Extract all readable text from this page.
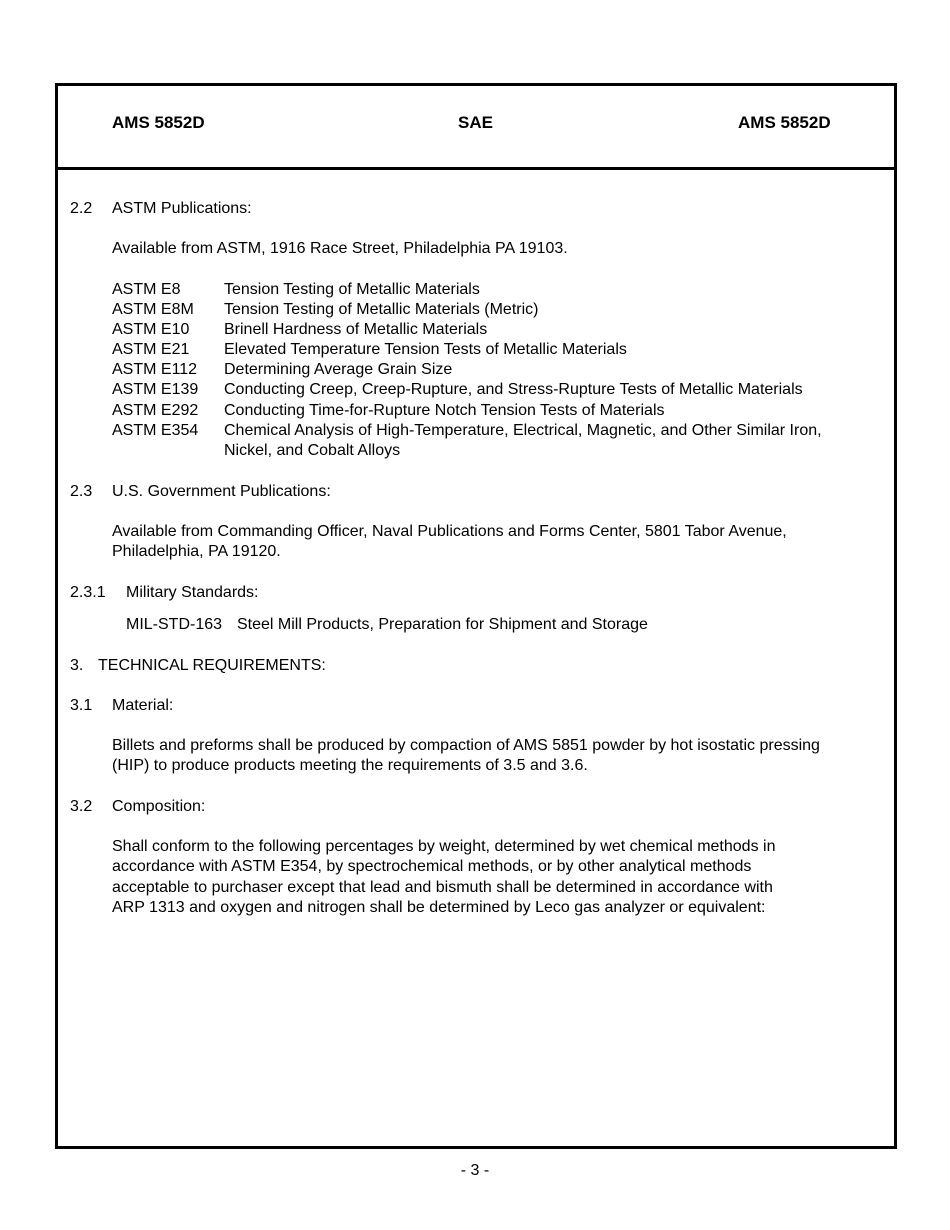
AMS 5852D	SAE	AMS 5852D
2.2 ASTM Publications:
Available from ASTM, 1916 Race Street, Philadelphia PA 19103.
ASTM E8	Tension Testing of Metallic Materials
ASTM E8M	Tension Testing of Metallic Materials (Metric)
ASTM E10	Brinell Hardness of Metallic Materials
ASTM E21	Elevated Temperature Tension Tests of Metallic Materials
ASTM E112	Determining Average Grain Size
ASTM E139	Conducting Creep, Creep-Rupture, and Stress-Rupture Tests of Metallic Materials
ASTM E292	Conducting Time-for-Rupture Notch Tension Tests of Materials
ASTM E354	Chemical Analysis of High-Temperature, Electrical, Magnetic, and Other Similar Iron,
Nickel, and Cobalt Alloys
2.3 U.S. Government Publications:
Available from Commanding Officer, Naval Publications and Forms Center, 5801 Tabor Avenue,
Philadelphia, PA 19120.
2.3.1 Military Standards:
MIL-STD-163 Steel Mill Products, Preparation for Shipment and Storage
3. TECHNICAL REQUIREMENTS:
3.1 Material:
Billets and preforms shall be produced by compaction of AMS 5851 powder by hot isostatic pressing
(HIP) to produce products meeting the requirements of 3.5 and 3.6.
3.2 Composition:
Shall conform to the following percentages by weight, determined by wet chemical methods in
accordance with ASTM E354, by spectrochemical methods, or by other analytical methods
acceptable to purchaser except that lead and bismuth shall be determined in accordance with
ARP 1313 and oxygen and nitrogen shall be determined by Leco gas analyzer or equivalent:
- 3 -
